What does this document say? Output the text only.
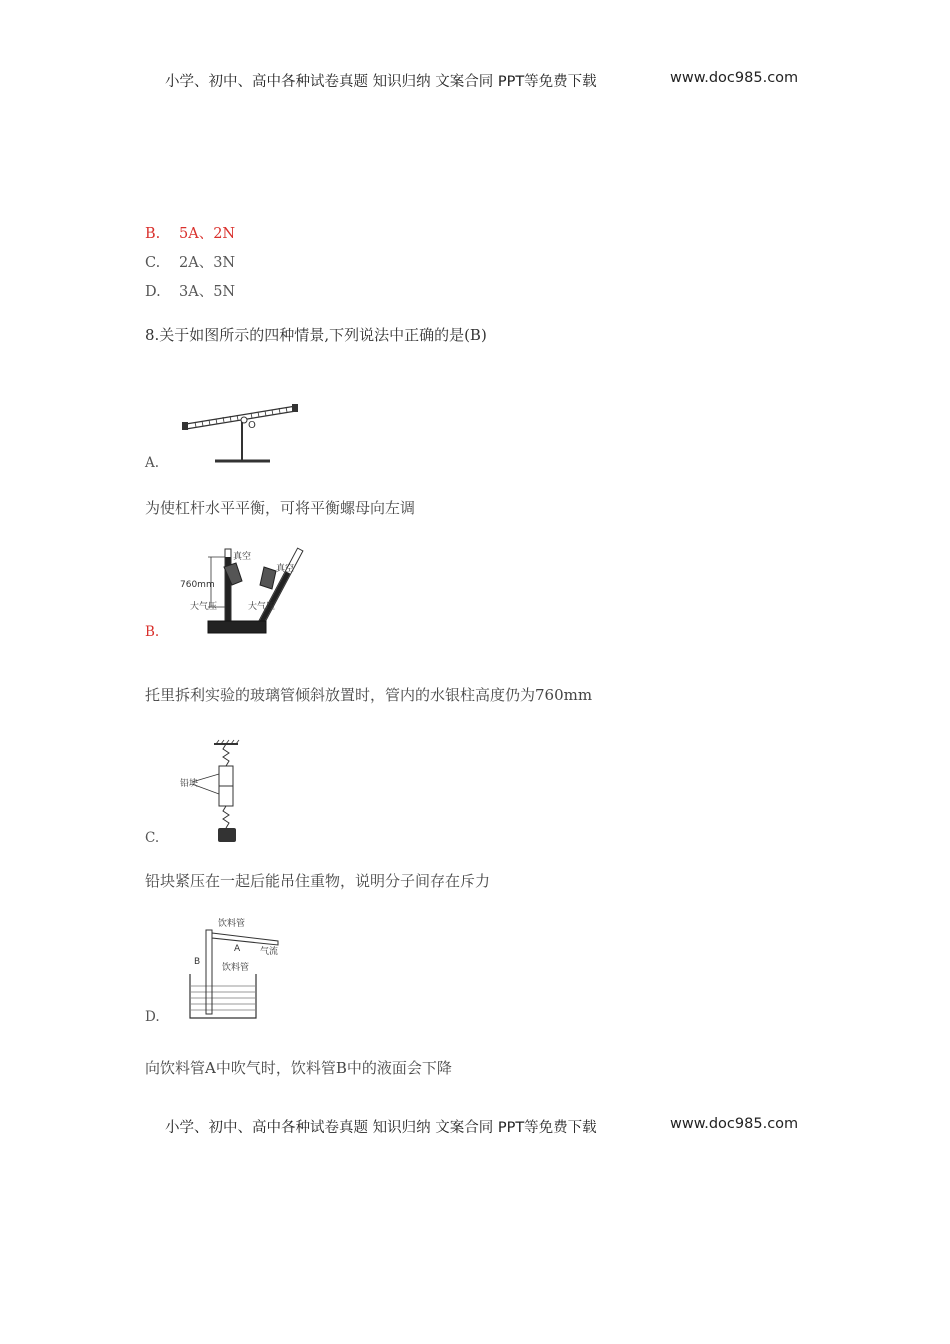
小学、初中、高中各种试卷真题 知识归纳 文案合同 PPT等免费下载	www.doc985.com
B. 5A、2N
C. 2A、3N
D. 3A、5N
8.关于如图所示的四种情景,下列说法中正确的是(B)
O
A.
为使杠杆水平平衡，可将平衡螺母向左调
真空
真空
760mm
大气压	大气压
B.
托里拆利实验的玻璃管倾斜放置时，管内的水银柱高度仍为760mm
铅块
C.
铅块紧压在一起后能吊住重物，说明分子间存在斥力
饮料管
A 气流
B
饮料管
D.
向饮料管A中吹气时，饮料管B中的液面会下降
小学、初中、高中各种试卷真题 知识归纳 文案合同 PPT等免费下载	www.doc985.com
